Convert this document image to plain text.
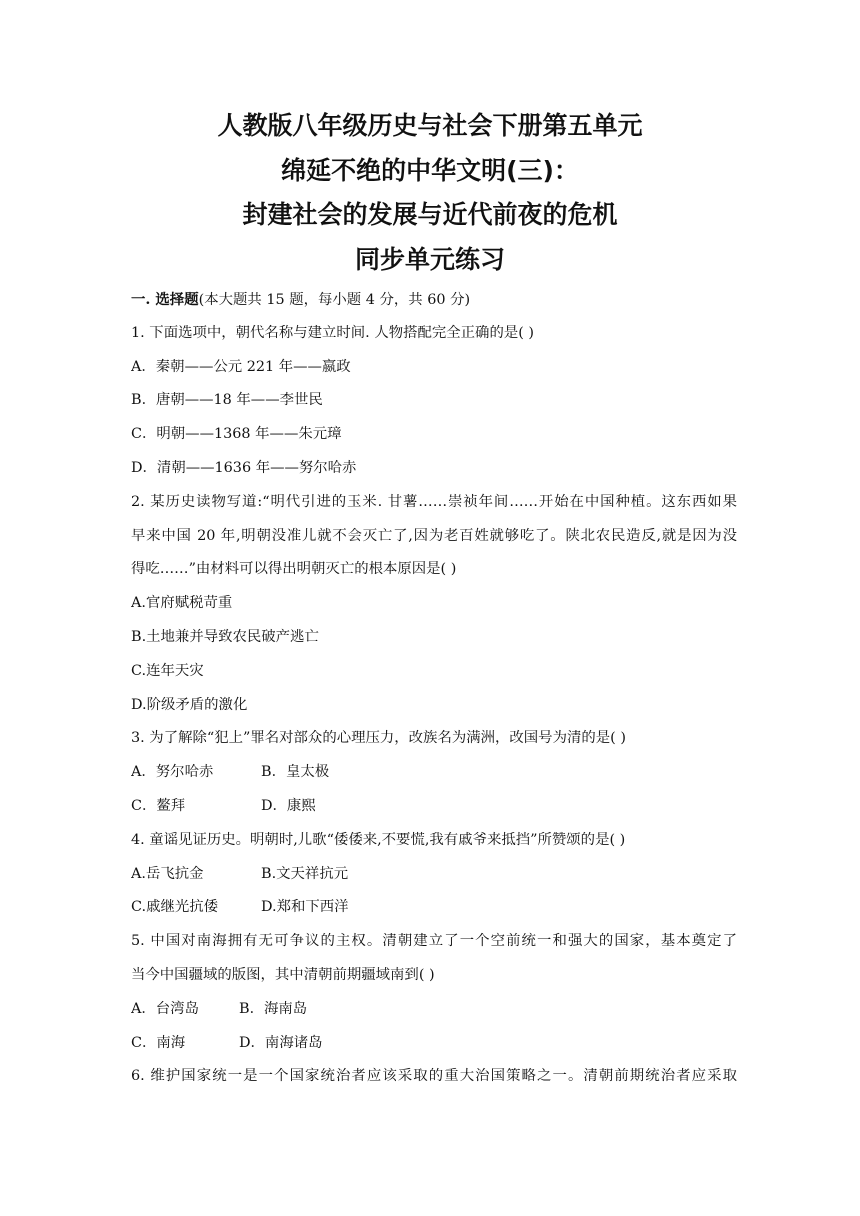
人教版八年级历史与社会下册第五单元
绵延不绝的中华文明(三)：
封建社会的发展与近代前夜的危机
同步单元练习
一. 选择题(本大题共 15 题，每小题 4 分，共 60 分)
1. 下面选项中，朝代名称与建立时间. 人物搭配完全正确的是( )
A．秦朝——公元 221 年——嬴政
B．唐朝——18 年——李世民
C．明朝——1368 年——朱元璋
D．清朝——1636 年——努尔哈赤
2. 某历史读物写道:“明代引进的玉米. 甘薯……崇祯年间……开始在中国种植。这东西如果
早来中国 20 年,明朝没准儿就不会灭亡了,因为老百姓就够吃了。陕北农民造反,就是因为没
得吃……”由材料可以得出明朝灭亡的根本原因是( )
A.官府赋税苛重
B.土地兼并导致农民破产逃亡
C.连年天灾
D.阶级矛盾的激化
3. 为了解除“犯上”罪名对部众的心理压力，改族名为满洲，改国号为清的是( )
A．努尔哈赤	B．皇太极
C．鳌拜	D．康熙
4. 童谣见证历史。明朝时,儿歌“倭倭来,不要慌,我有戚爷来抵挡”所赞颂的是( )
A.岳飞抗金	B.文天祥抗元
C.戚继光抗倭	D.郑和下西洋
5. 中国对南海拥有无可争议的主权。清朝建立了一个空前统一和强大的国家，基本奠定了
当今中国疆域的版图，其中清朝前期疆域南到( )
A．台湾岛	B．海南岛
C．南海	D．南海诸岛
6. 维护国家统一是一个国家统治者应该采取的重大治国策略之一。清朝前期统治者应采取
